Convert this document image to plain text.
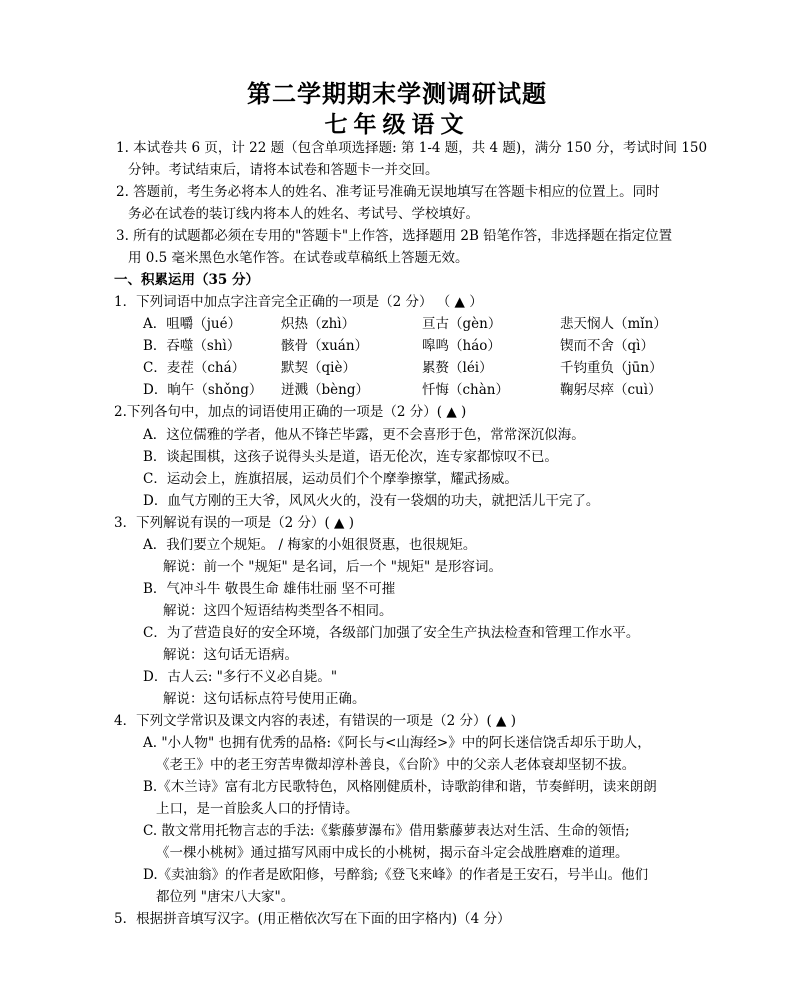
第二学期期末学测调研试题
七年级语文
1. 本试卷共 6 页，计 22 题（包含单项选择题: 第 1-4 题，共 4 题)，满分 150 分，考试时间 150
分钟。考试结束后，请将本试卷和答题卡一并交回。
2. 答题前，考生务必将本人的姓名、准考证号准确无误地填写在答题卡相应的位置上。同时
务必在试卷的装订线内将本人的姓名、考试号、学校填好。
3. 所有的试题都必须在专用的"答题卡"上作答，选择题用 2B 铅笔作答，非选择题在指定位置
用 0.5 毫米黑色水笔作答。在试卷或草稿纸上答题无效。
一、积累运用（35 分）
1．下列词语中加点字注音完全正确的一项是（2 分） （ ▲ ）
A．咀嚼（jué）	炽热（zhì）	亘古（gèn）	悲天悯人（mǐn）
B．吞噬（shì）	骸骨（xuán）	嗥鸣（háo）	锲而不舍（qì）
C．麦茬（chá）	默契（qiè）	累赘（léi）	千钧重负（jūn）
D．晌午（shǒng） 迸溅（bèng）	忏悔（chàn）	鞠躬尽瘁（cuì）
2.下列各句中，加点的词语使用正确的一项是（2 分）( ▲ )
A．这位儒雅的学者，他从不锋芒毕露，更不会喜形于色，常常深沉似海。
B．谈起围棋，这孩子说得头头是道，语无伦次，连专家都惊叹不已。
C．运动会上，旌旗招展，运动员们个个摩拳擦掌，耀武扬威。
D．血气方刚的王大爷，风风火火的，没有一袋烟的功夫，就把活儿干完了。
3．下列解说有误的一项是（2 分）( ▲ )
A．我们要立个规矩。 / 梅家的小姐很贤惠，也很规矩。
解说：前一个 "规矩" 是名词，后一个 "规矩" 是形容词。
B．气冲斗牛 敬畏生命 雄伟壮丽 坚不可摧
解说：这四个短语结构类型各不相同。
C．为了营造良好的安全环境，各级部门加强了安全生产执法检查和管理工作水平。
解说：这句话无语病。
D．古人云: "多行不义必自毙。"
解说：这句话标点符号使用正确。
4．下列文学常识及课文内容的表述，有错误的一项是（2 分）( ▲ )
A. "小人物" 也拥有优秀的品格:《阿长与<山海经>》中的阿长迷信饶舌却乐于助人，
《老王》中的老王穷苦卑微却淳朴善良，《台阶》中的父亲人老体衰却坚韧不拔。
B.《木兰诗》富有北方民歌特色，风格刚健质朴，诗歌韵律和谐，节奏鲜明，读来朗朗
上口，是一首脍炙人口的抒情诗。
C. 散文常用托物言志的手法:《紫藤萝瀑布》借用紫藤萝表达对生活、生命的领悟;
《一棵小桃树》通过描写风雨中成长的小桃树，揭示奋斗定会战胜磨难的道理。
D.《卖油翁》的作者是欧阳修，号醉翁;《登飞来峰》的作者是王安石，号半山。他们
都位列 "唐宋八大家"。
5．根据拼音填写汉字。(用正楷依次写在下面的田字格内)（4 分）
